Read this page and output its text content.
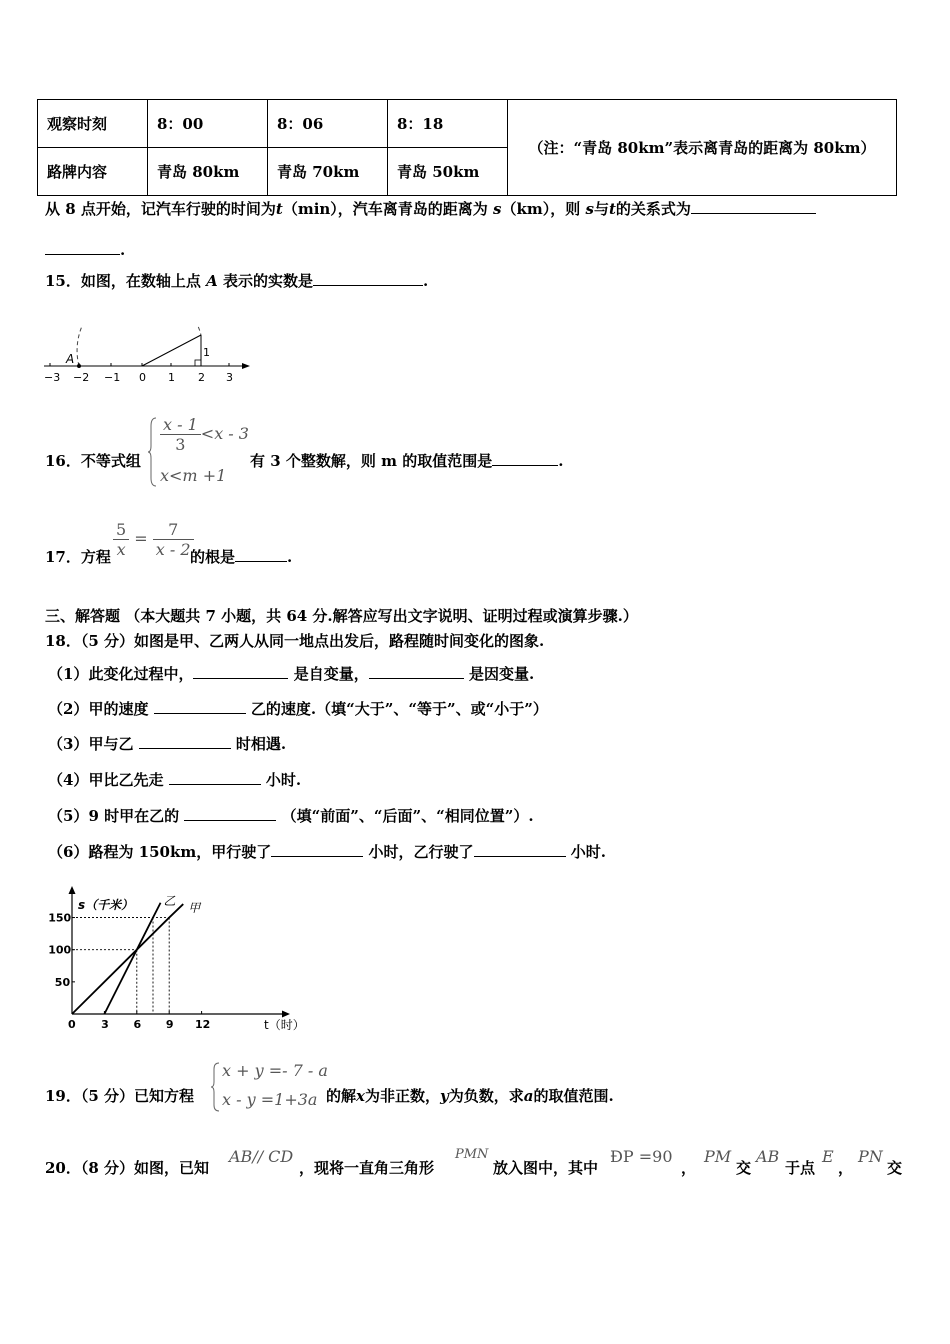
观察时刻	8：00	8：06	8：18	（注：“青岛 80km”表示离青岛的距离为 80km）
路牌内容	青岛 80km	青岛 70km	青岛 50km	
从 8 点开始，记汽车行驶的时间为t（min），汽车离青岛的距离为 s（km），则 s与t的关系式为
.
15．如图，在数轴上点 A 表示的实数是	.
A	1
−3 −2 −1 0 1 2 3
16．不等式组
$\frac{x - 1}{3} <x - 3$
x<m +1
有 3 个整数解，则 m 的取值范围是	.
17．方程 $\frac{5}{x} = \frac{7}{x - 2}$
的根是	.
三、解答题 （本大题共 7 小题，共 64 分.解答应写出文字说明、证明过程或演算步骤.）
18．（5 分）如图是甲、乙两人从同一地点出发后，路程随时间变化的图象.
（1）此变化过程中，	是自变量，	是因变量.
（2）甲的速度	乙的速度.（填“大于”、“等于”、或“小于”）
（3）甲与乙	时相遇.
（4）甲比乙先走	小时.
（5）9 时甲在乙的	（填“前面”、“后面”、“相同位置”）.
（6）路程为 150km，甲行驶了	小时，乙行驶了	小时.
甲
乙
0 3 6 9 12
50
100
150
s（千米）
t（时）
19．（5 分）已知方程
x + y =- 7 - a
x - y =1+3a 的解x为非正数，y为负数，求a的取值范围.
20．（8 分）如图，已知
AB// CD
，现将一直角三角形
PMN
放入图中，其中
ÐP =90
，
PM
交
AB
于点
E
，
PN
交
